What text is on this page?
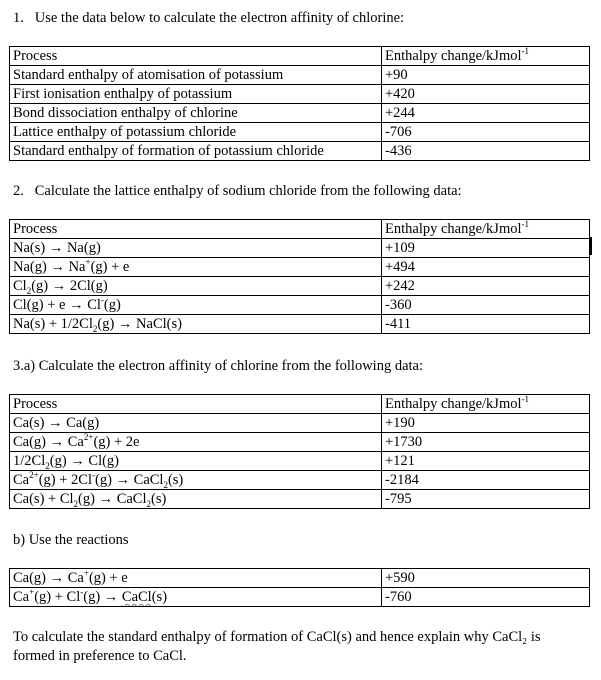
1. Use the data below to calculate the electron affinity of chlorine:

Process	Enthalpy change/kJmol$^{-1}$
Standard enthalpy of atomisation of potassium	+90
First ionisation enthalpy of potassium	+420
Bond dissociation enthalpy of chlorine	+244
Lattice enthalpy of potassium chloride	-706
Standard enthalpy of formation of potassium chloride	-436

2. Calculate the lattice enthalpy of sodium chloride from the following data:

Process	Enthalpy change/kJmol$^{-1}$
Na(s) → Na(g)	+109
Na(g) → Na+(g) + e	+494
$Cl_2(g) \to 2Cl(g)$	+242
Cl(g) + e → Cl-(g)	-360
$Na(s) + 1/2Cl_2(g)$ → NaCl(s)	-411

3.a) Calculate the electron affinity of chlorine from the following data:

Process	Enthalpy change/kJmol$^{-1}$
Ca(s) → Ca(g)	+190
$Ca(g) \to Ca^{2+}(g) + 2e$	+1730
$1/2Cl_2(g) \to Cl(g)$	+121
$Ca^{2+}(g) + 2Cl^-(g)$ → CaCl$_2$(s)	-2184
$Ca(s) + Cl_2(g)$ → CaCl$_2$(s)	-795

b) Use the reactions

Ca(g) → Ca+(g) + e	+590
Ca+(g) + Cl-(g) → CaCl(s)	-760

To calculate the standard enthalpy of formation of CaCl(s) and hence explain why CaCl₂ is formed in preference to CaCl.
